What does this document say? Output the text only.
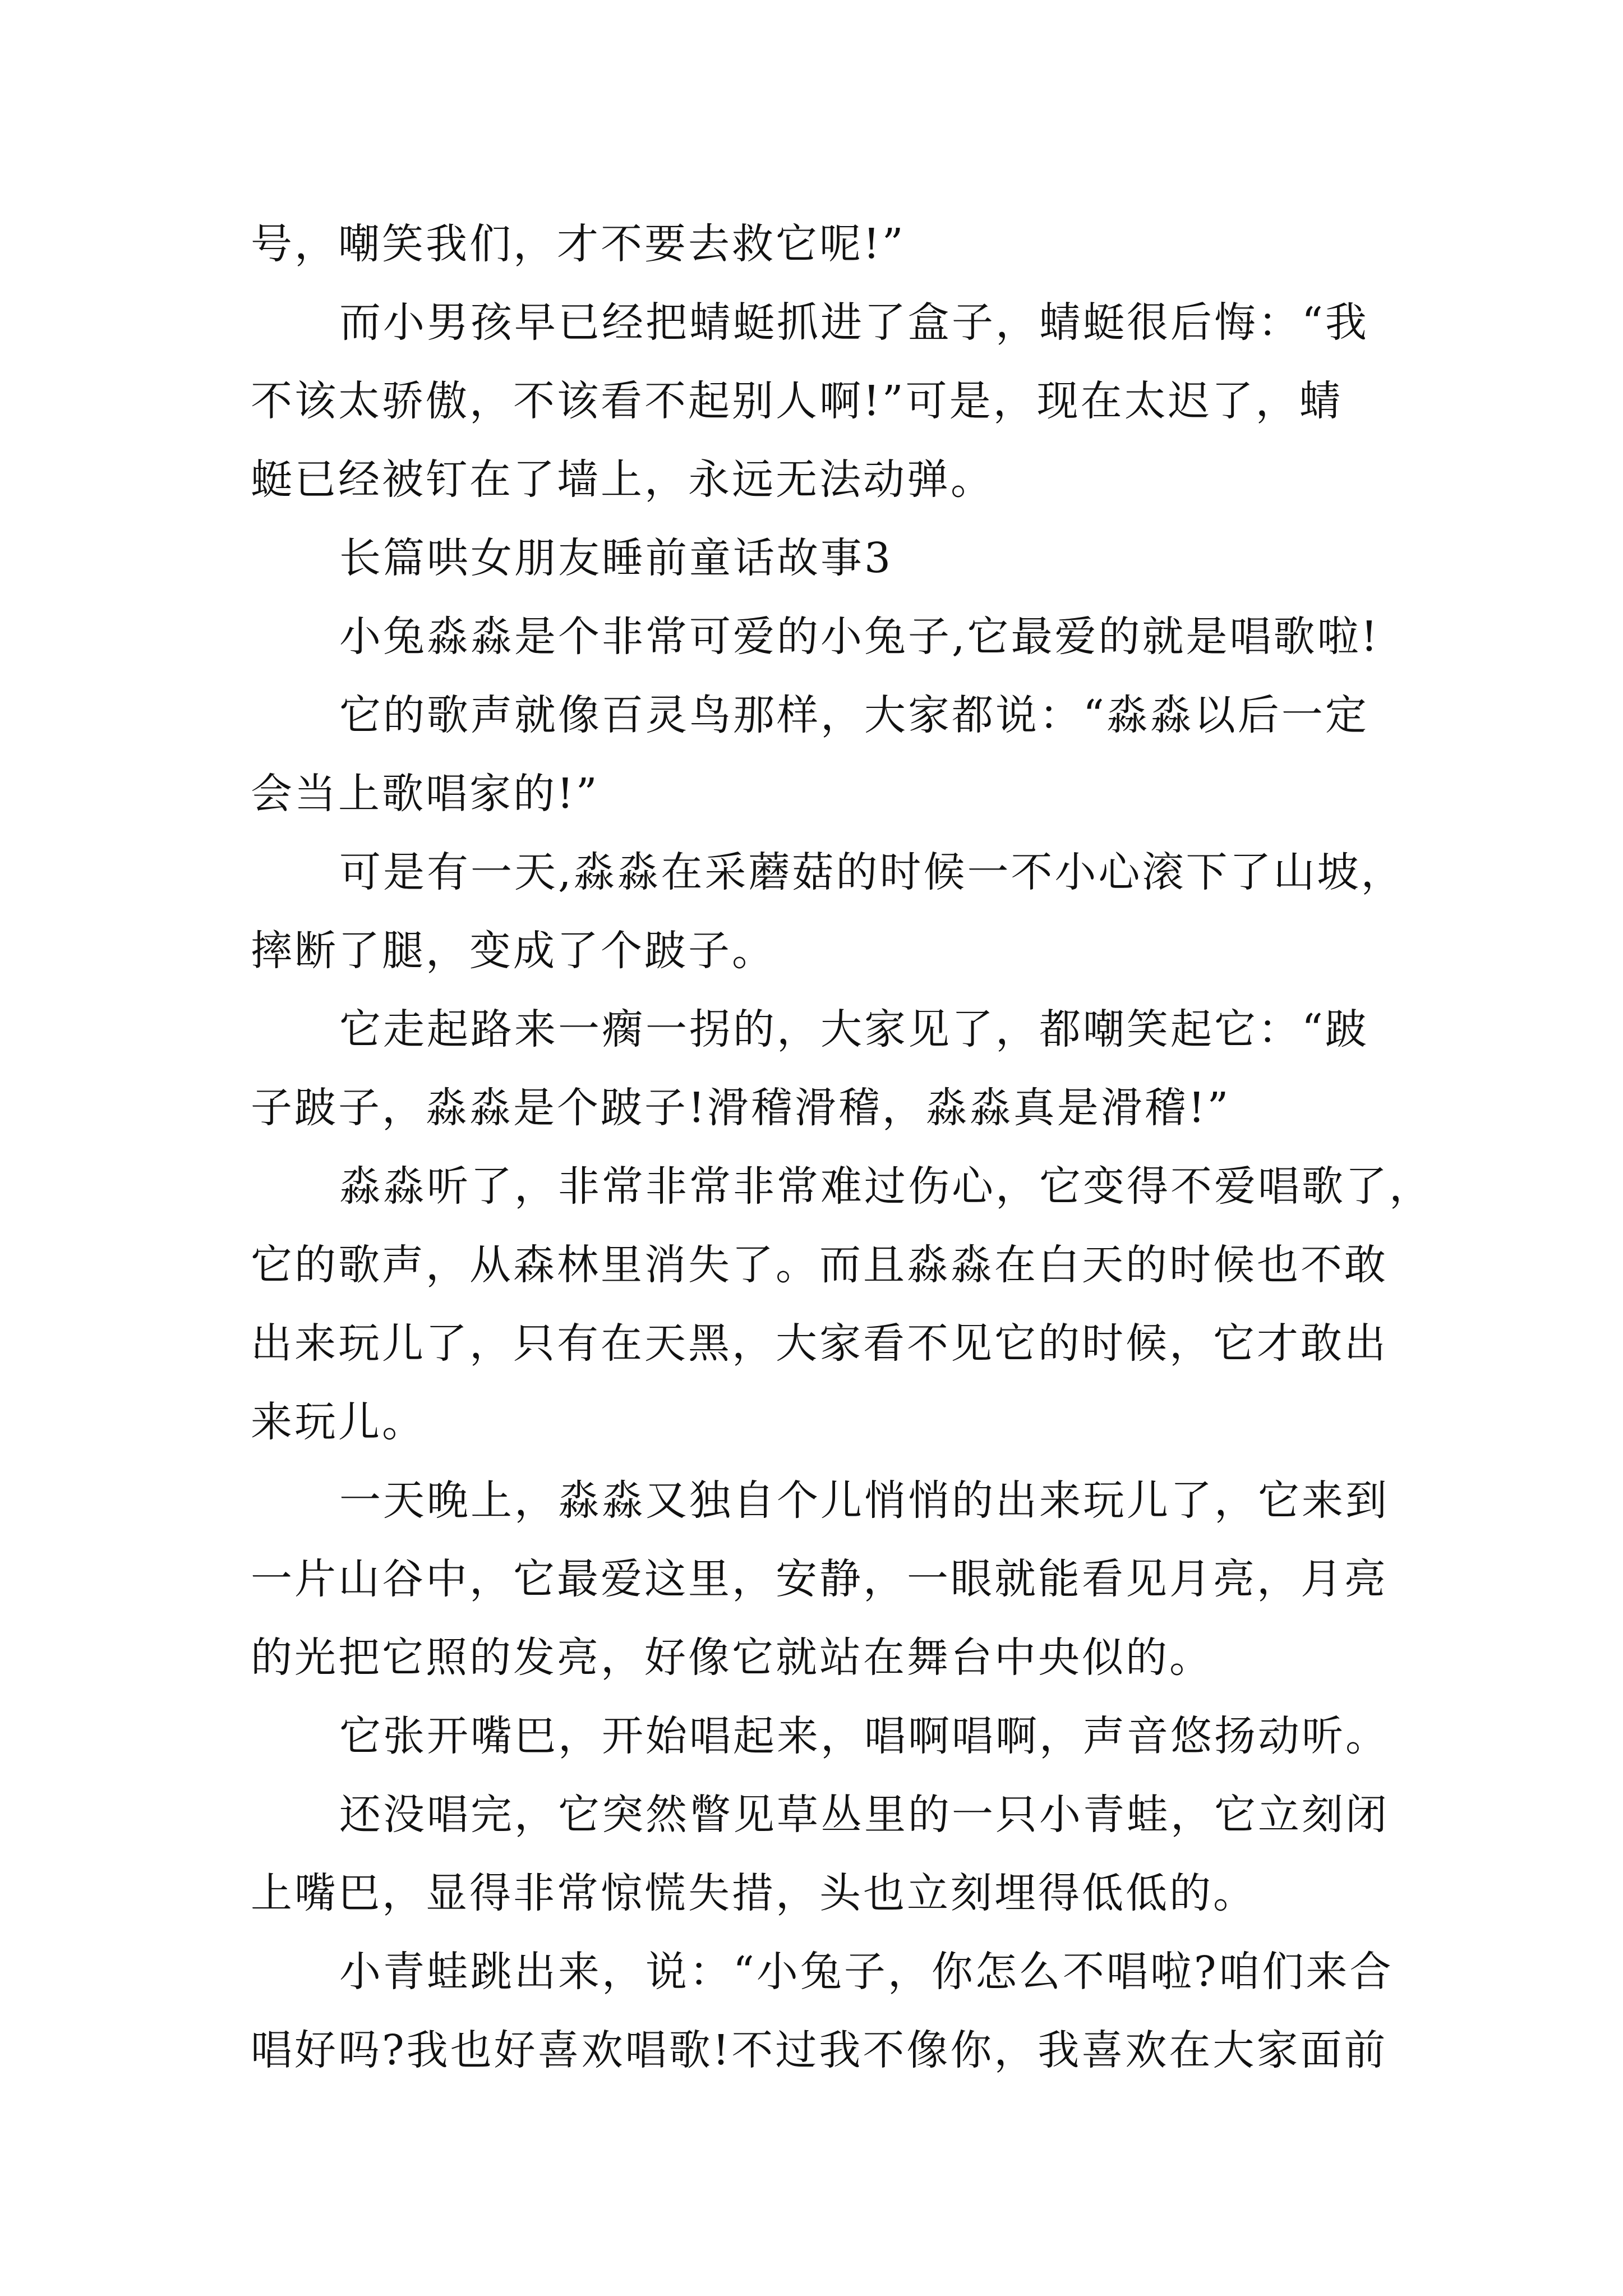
号，嘲笑我们，才不要去救它呢!”
而小男孩早已经把蜻蜓抓进了盒子，蜻蜓很后悔：“我
不该太骄傲，不该看不起别人啊!”可是，现在太迟了，蜻
蜓已经被钉在了墙上，永远无法动弹。
长篇哄女朋友睡前童话故事3
小兔淼淼是个非常可爱的小兔子,它最爱的就是唱歌啦!
它的歌声就像百灵鸟那样，大家都说：“淼淼以后一定
会当上歌唱家的!”
可是有一天,淼淼在采蘑菇的时候一不小心滚下了山坡，
摔断了腿，变成了个跛子。
它走起路来一瘸一拐的，大家见了，都嘲笑起它：“跛
子跛子，淼淼是个跛子!滑稽滑稽，淼淼真是滑稽!”
淼淼听了，非常非常非常难过伤心，它变得不爱唱歌了，
它的歌声，从森林里消失了。而且淼淼在白天的时候也不敢
出来玩儿了，只有在天黑，大家看不见它的时候，它才敢出
来玩儿。
一天晚上，淼淼又独自个儿悄悄的出来玩儿了，它来到
一片山谷中，它最爱这里，安静，一眼就能看见月亮，月亮
的光把它照的发亮，好像它就站在舞台中央似的。
它张开嘴巴，开始唱起来，唱啊唱啊，声音悠扬动听。
还没唱完，它突然瞥见草丛里的一只小青蛙，它立刻闭
上嘴巴，显得非常惊慌失措，头也立刻埋得低低的。
小青蛙跳出来，说：“小兔子，你怎么不唱啦?咱们来合
唱好吗?我也好喜欢唱歌!不过我不像你，我喜欢在大家面前
